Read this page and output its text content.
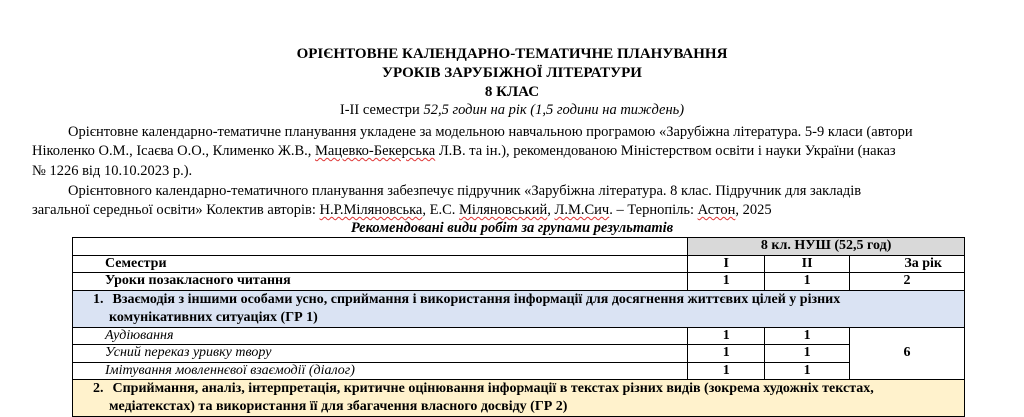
ОРІЄНТОВНЕ КАЛЕНДАРНО-ТЕМАТИЧНЕ ПЛАНУВАННЯ
УРОКІВ ЗАРУБІЖНОЇ ЛІТЕРАТУРИ
8 КЛАС
І-ІІ семестри 52,5 годин на рік (1,5 години на тиждень)
Орієнтовне календарно-тематичне планування укладене за модельною навчальною програмою «Зарубіжна література. 5-9 класи (автори
Ніколенко О.М., Ісаєва О.О., Клименко Ж.В., Мацевко-Бекерська Л.В. та ін.), рекомендованою Міністерством освіти і науки України (наказ
№ 1226 від 10.10.2023 р.).
Орієнтовного календарно-тематичного планування забезпечує підручник «Зарубіжна література. 8 клас. Підручник для закладів
загальної середньої освіти» Колектив авторів: Н.Р.Міляновська, Е.С. Міляновський, Л.М.Сич. – Тернопіль: Астон, 2025
Рекомендовані види робіт за групами результатів
	8 кл. НУШ (52,5 год)		
Семестри	І	ІІ	За рік
Уроки позакласного читання	1	1	2
1. Взаємодія з іншими особами усно, сприймання і використання інформації для досягнення життєвих цілей у різних
комунікативних ситуаціях (ГР 1)			
Аудіювання	1	1	6
Усний переказ уривку твору	1	1	
Імітування мовленнєвої взаємодії (діалог)	1	1	
2. Сприймання, аналіз, інтерпретація, критичне оцінювання інформації в текстах різних видів (зокрема художніх текстах,
медіатекстах) та використання її для збагачення власного досвіду (ГР 2)			
